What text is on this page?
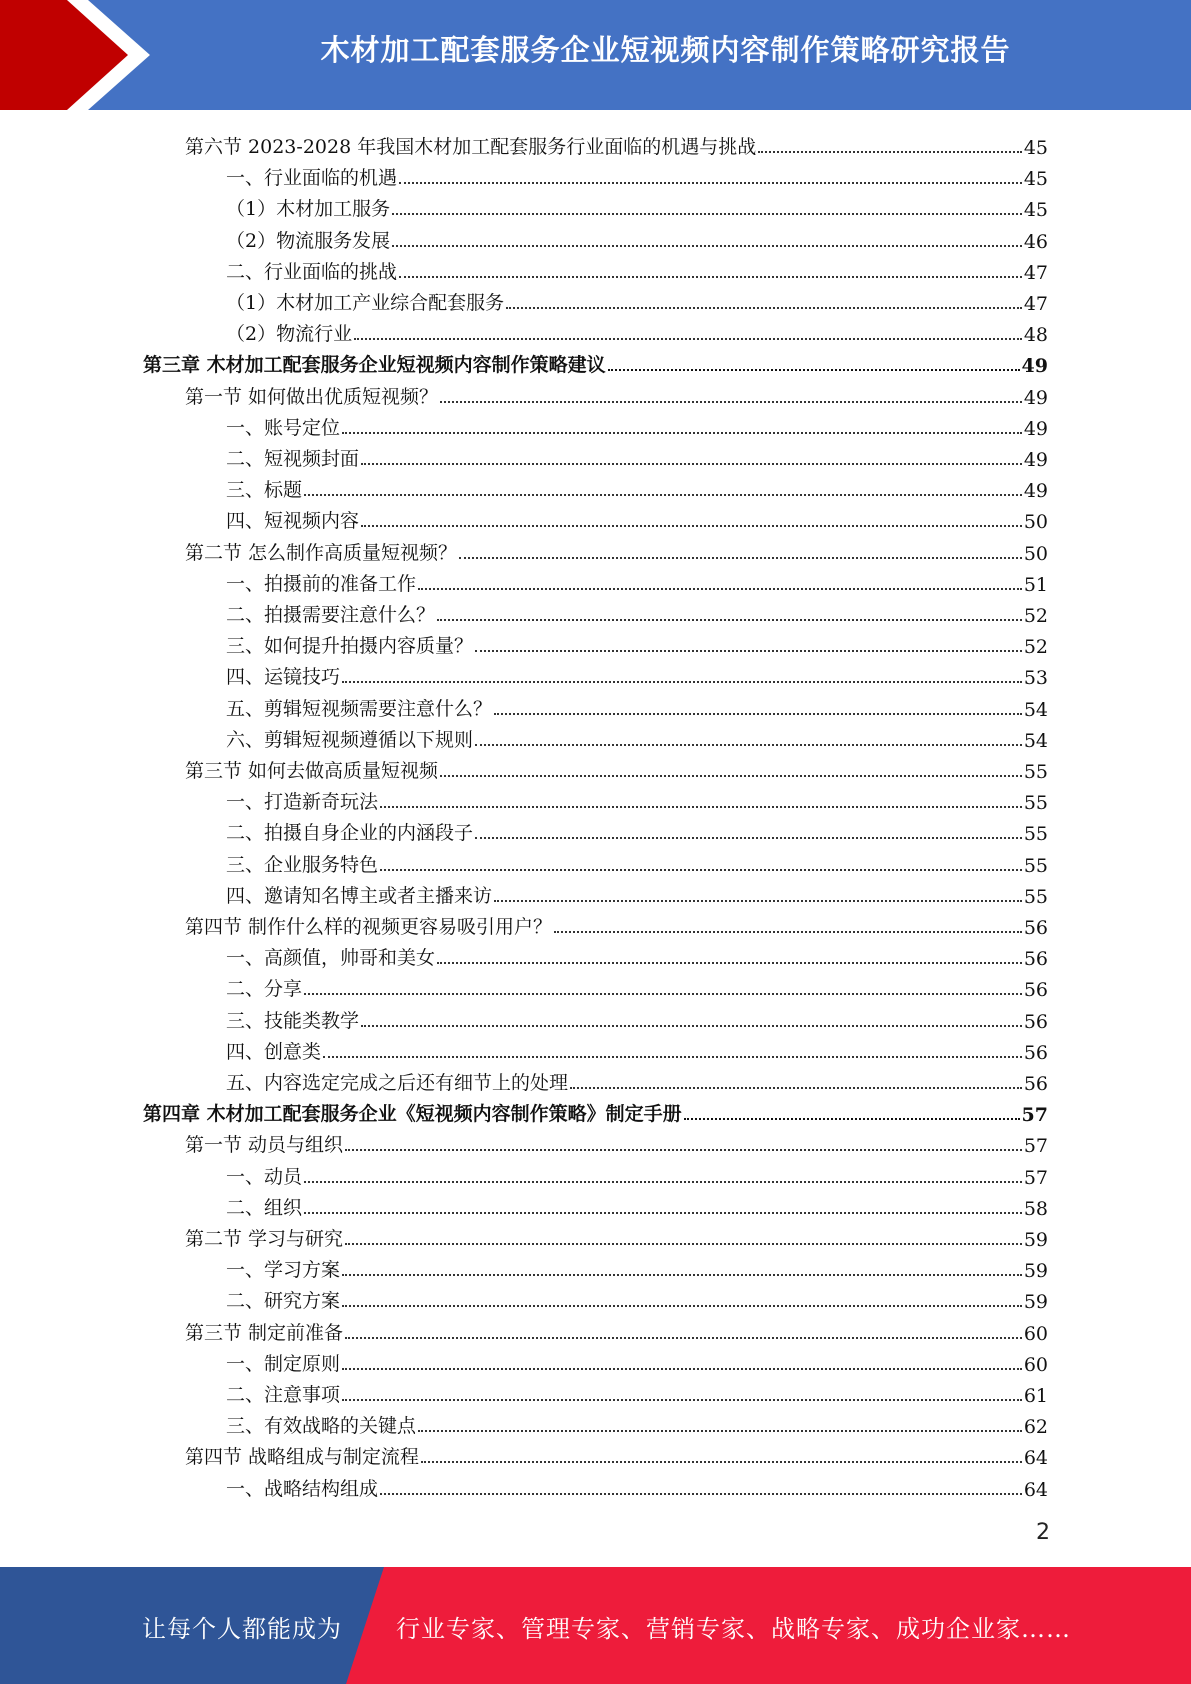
木材加工配套服务企业短视频内容制作策略研究报告
第六节 2023-2028 年我国木材加工配套服务行业面临的机遇与挑战	45
一、行业面临的机遇	45
（1）木材加工服务	45
（2）物流服务发展	46
二、行业面临的挑战	47
（1）木材加工产业综合配套服务	47
（2）物流行业	48
第三章 木材加工配套服务企业短视频内容制作策略建议	49
第一节 如何做出优质短视频？	49
一、账号定位	49
二、短视频封面	49
三、标题	49
四、短视频内容	50
第二节 怎么制作高质量短视频？	50
一、拍摄前的准备工作	51
二、拍摄需要注意什么？	52
三、如何提升拍摄内容质量？	52
四、运镜技巧	53
五、剪辑短视频需要注意什么？	54
六、剪辑短视频遵循以下规则	54
第三节 如何去做高质量短视频	55
一、打造新奇玩法	55
二、拍摄自身企业的内涵段子	55
三、企业服务特色	55
四、邀请知名博主或者主播来访	55
第四节 制作什么样的视频更容易吸引用户？	56
一、高颜值，帅哥和美女	56
二、分享	56
三、技能类教学	56
四、创意类	56
五、内容选定完成之后还有细节上的处理	56
第四章 木材加工配套服务企业《短视频内容制作策略》制定手册	57
第一节 动员与组织	57
一、动员	57
二、组织	58
第二节 学习与研究	59
一、学习方案	59
二、研究方案	59
第三节 制定前准备	60
一、制定原则	60
二、注意事项	61
三、有效战略的关键点	62
第四节 战略组成与制定流程	64
一、战略结构组成	64
2
让每个人都能成为 行业专家、管理专家、营销专家、战略专家、成功企业家……
